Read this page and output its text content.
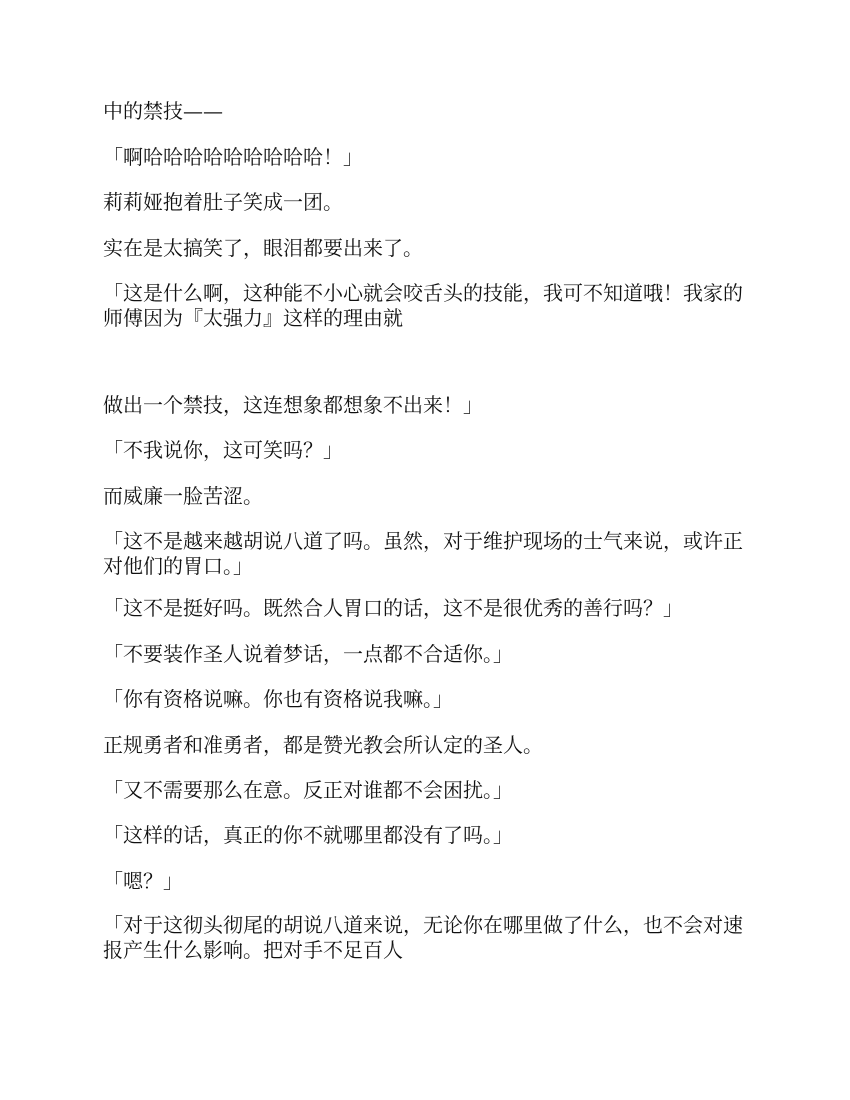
中的禁技——

「啊哈哈哈哈哈哈哈哈哈！」

莉莉娅抱着肚子笑成一团。

实在是太搞笑了，眼泪都要出来了。

「这是什么啊，这种能不小心就会咬舌头的技能，我可不知道哦！我家的师傅因为『太强力』这样的理由就

做出一个禁技，这连想象都想象不出来！」

「不我说你，这可笑吗？」

而威廉一脸苦涩。

「这不是越来越胡说八道了吗。虽然，对于维护现场的士气来说，或许正对他们的胃口。」

「这不是挺好吗。既然合人胃口的话，这不是很优秀的善行吗？」

「不要装作圣人说着梦话，一点都不合适你。」

「你有资格说嘛。你也有资格说我嘛。」

正规勇者和准勇者，都是赞光教会所认定的圣人。

「又不需要那么在意。反正对谁都不会困扰。」

「这样的话，真正的你不就哪里都没有了吗。」

「嗯？」

「对于这彻头彻尾的胡说八道来说，无论你在哪里做了什么，也不会对速报产生什么影响。把对手不足百人
